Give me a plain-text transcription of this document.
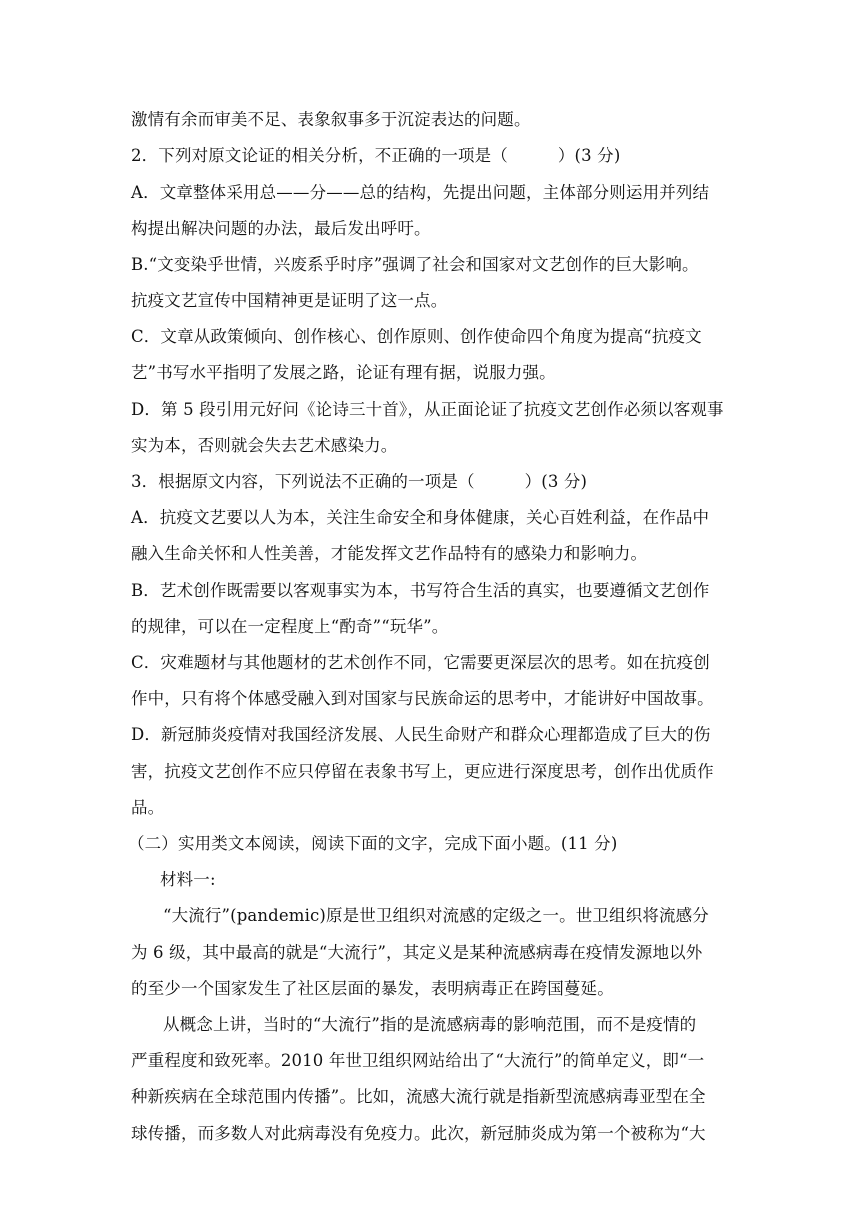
激情有余而审美不足、表象叙事多于沉淀表达的问题。
2．下列对原文论证的相关分析，不正确的一项是（　　　）(3 分)
A．文章整体采用总——分——总的结构，先提出问题，主体部分则运用并列结
构提出解决问题的办法，最后发出呼吁。
B.“文变染乎世情，兴废系乎时序”强调了社会和国家对文艺创作的巨大影响。
抗疫文艺宣传中国精神更是证明了这一点。
C．文章从政策倾向、创作核心、创作原则、创作使命四个角度为提高“抗疫文
艺”书写水平指明了发展之路，论证有理有据，说服力强。
D．第 5 段引用元好问《论诗三十首》，从正面论证了抗疫文艺创作必须以客观事
实为本，否则就会失去艺术感染力。
3．根据原文内容，下列说法不正确的一项是（　　　）(3 分)
A．抗疫文艺要以人为本，关注生命安全和身体健康，关心百姓利益，在作品中
融入生命关怀和人性美善，才能发挥文艺作品特有的感染力和影响力。
B．艺术创作既需要以客观事实为本，书写符合生活的真实，也要遵循文艺创作
的规律，可以在一定程度上“酌奇”“玩华”。
C．灾难题材与其他题材的艺术创作不同，它需要更深层次的思考。如在抗疫创
作中，只有将个体感受融入到对国家与民族命运的思考中，才能讲好中国故事。
D．新冠肺炎疫情对我国经济发展、人民生命财产和群众心理都造成了巨大的伤
害，抗疫文艺创作不应只停留在表象书写上，更应进行深度思考，创作出优质作
品。
（二）实用类文本阅读，阅读下面的文字，完成下面小题。(11 分)
材料一:
“大流行”(pandemic)原是世卫组织对流感的定级之一。世卫组织将流感分
为 6 级，其中最高的就是“大流行”，其定义是某种流感病毒在疫情发源地以外
的至少一个国家发生了社区层面的暴发，表明病毒正在跨国蔓延。
从概念上讲，当时的“大流行”指的是流感病毒的影响范围，而不是疫情的
严重程度和致死率。2010 年世卫组织网站给出了“大流行”的简单定义，即“一
种新疾病在全球范围内传播”。比如，流感大流行就是指新型流感病毒亚型在全
球传播，而多数人对此病毒没有免疫力。此次，新冠肺炎成为第一个被称为“大
